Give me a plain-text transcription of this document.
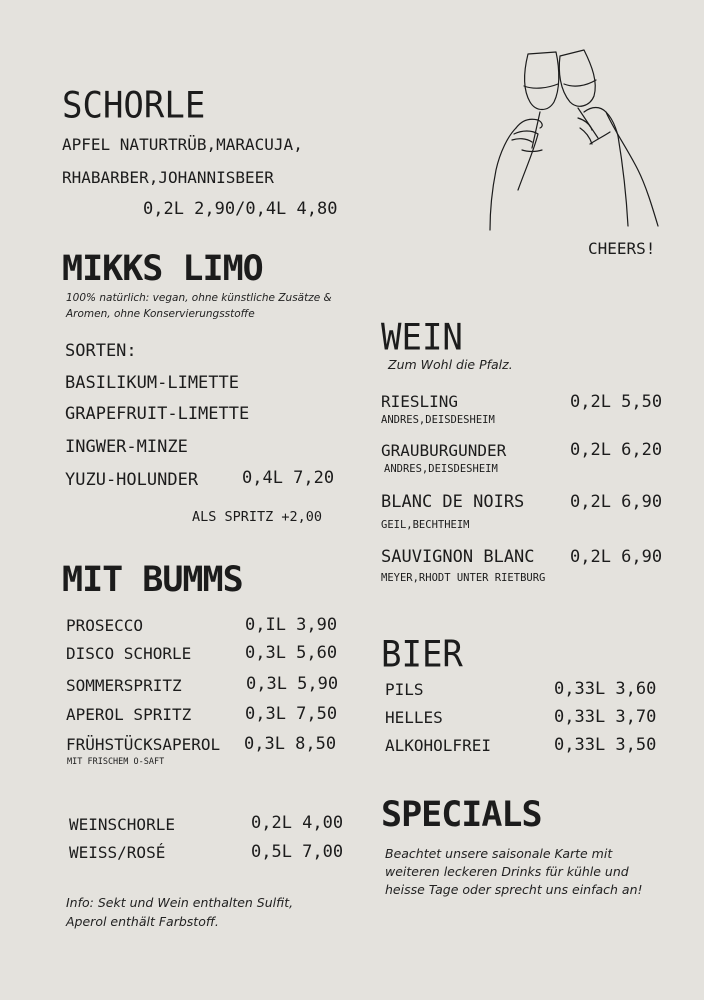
SCHORLE
APFEL NATURTRÜB,MARACUJA,
RHABARBER,JOHANNISBEER
0,2L 2,90/0,4L 4,80
CHEERS!
MIKKS LIMO
100% natürlich: vegan, ohne künstliche Zusätze &
Aromen, ohne Konservierungsstoffe
SORTEN:
BASILIKUM-LIMETTE
GRAPEFRUIT-LIMETTE
INGWER-MINZE
YUZU-HOLUNDER	0,4L 7,20
ALS SPRITZ +2,00
MIT BUMMS
PROSECCO	0,IL 3,90
DISCO SCHORLE	0,3L 5,60
SOMMERSPRITZ	0,3L 5,90
APEROL SPRITZ	0,3L 7,50
FRÜHSTÜCKSAPEROL 0,3L 8,50
MIT FRISCHEM O-SAFT
WEINSCHORLE	0,2L 4,00
WEISS/ROSÉ	0,5L 7,00
Info: Sekt und Wein enthalten Sulfit,
Aperol enthält Farbstoff.
WEIN
Zum Wohl die Pfalz.
RIESLING
ANDRES,DEISDESHEIM
0,2L 5,50
GRAUBURGUNDER
ANDRES,DEISDESHEIM
0,2L 6,20
BLANC DE NOIRS
GEIL,BECHTHEIM
0,2L 6,90
SAUVIGNON BLANC
MEYER,RHODT UNTER RIETBURG
0,2L 6,90
BIER
PILS	0,33L 3,60
HELLES	0,33L 3,70
ALKOHOLFREI	0,33L 3,50
SPECIALS
Beachtet unsere saisonale Karte mit
weiteren leckeren Drinks für kühle und
heisse Tage oder sprecht uns einfach an!
